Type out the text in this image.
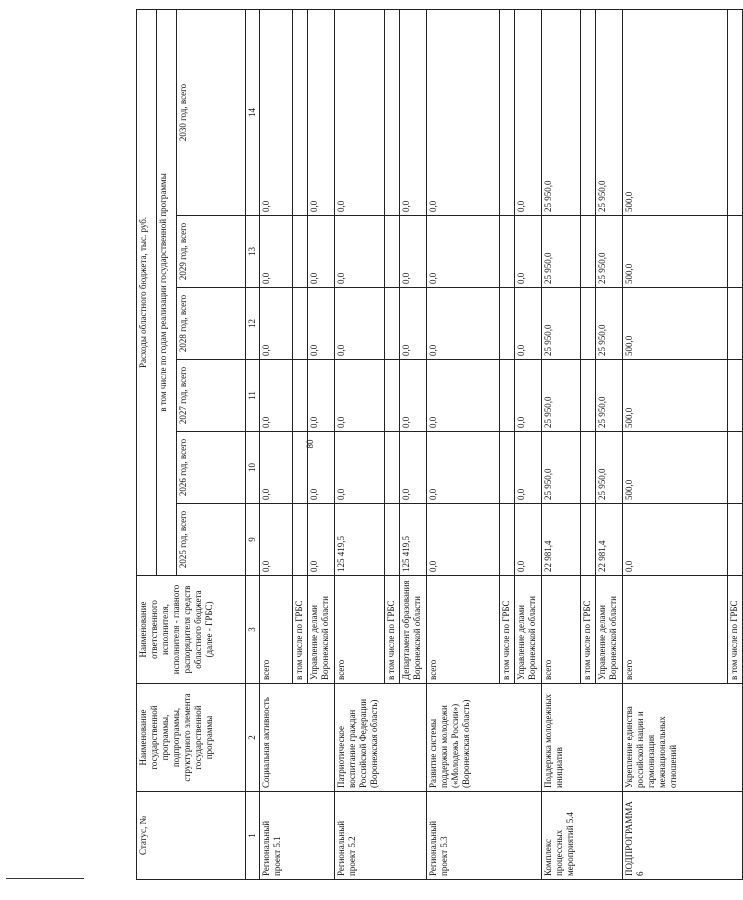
80
Статус, №	Наименование государственной программы, подпрограммы, структурного элемента государственной программы	Наименование ответственного исполнителя, исполнителя - главного распорядителя средств областного бюджета (далее - ГРБС)	Расходы областного бюджета, тыс. руб.					
			в том числе по годам реализации государственной программы					
			2025 год, всего	2026 год, всего	2027 год, всего	2028 год, всего	2029 год, всего	2030 год, всего
1	2	3	9	10	11	12	13	14
Региональный проект 5.1	Социальная активность	всего	0,0	0,0	0,0	0,0	0,0	0,0
		в том числе по ГРБС						
		Управление делами Воронежской области	0,0	0,0	0,0	0,0	0,0	0,0
Региональный проект 5.2	Патриотическое воспитание граждан Российской Федерации (Воронежская область)	всего	125 419,5	0,0	0,0	0,0	0,0	0,0
		в том числе по ГРБС						
		Департамент образования Воронежской области	125 419,5	0,0	0,0	0,0	0,0	0,0
Региональный проект 5.3	Развитие системы поддержки молодежи («Молодежь России») (Воронежская область)	всего	0,0	0,0	0,0	0,0	0,0	0,0
		в том числе по ГРБС						
		Управление делами Воронежской области	0,0	0,0	0,0	0,0	0,0	0,0
Комплекс процессных мероприятий 5.4	Поддержка молодежных инициатив	всего	22 981,4	25 950,0	25 950,0	25 950,0	25 950,0	25 950,0
		в том числе по ГРБС						
		Управление делами Воронежской области	22 981,4	25 950,0	25 950,0	25 950,0	25 950,0	25 950,0
ПОДПРОГРАММА 6	Укрепление единства российской нации и гармонизация межнациональных отношений	всего	0,0	500,0	500,0	500,0	500,0	500,0
		в том числе по ГРБС						
